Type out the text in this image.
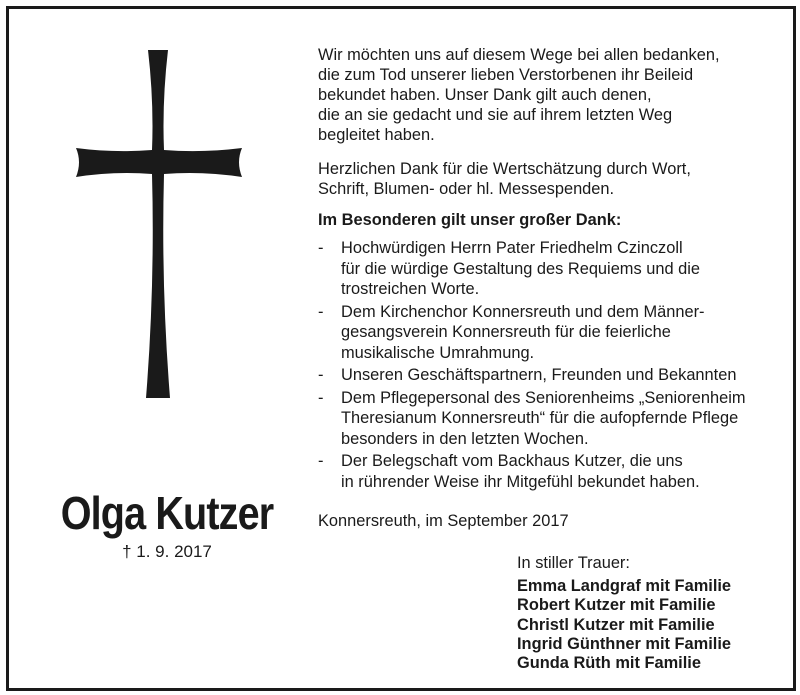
Olga Kutzer
† 1. 9. 2017
Wir möchten uns auf diesem Wege bei allen bedanken,
die zum Tod unserer lieben Verstorbenen ihr Beileid
bekundet haben. Unser Dank gilt auch denen,
die an sie gedacht und sie auf ihrem letzten Weg
begleitet haben.
Herzlichen Dank für die Wertschätzung durch Wort,
Schrift, Blumen- oder hl. Messespenden.
Im Besonderen gilt unser großer Dank:
- Hochwürdigen Herrn Pater Friedhelm Czinczoll
für die würdige Gestaltung des Requiems und die
trostreichen Worte.
- Dem Kirchenchor Konnersreuth und dem Männer-
gesangsverein Konnersreuth für die feierliche
musikalische Umrahmung.
- Unseren Geschäftspartnern, Freunden und Bekannten
- Dem Pflegepersonal des Seniorenheims „Seniorenheim
Theresianum Konnersreuth“ für die aufopfernde Pflege
besonders in den letzten Wochen.
- Der Belegschaft vom Backhaus Kutzer, die uns
in rührender Weise ihr Mitgefühl bekundet haben.
Konnersreuth, im September 2017
In stiller Trauer:
Emma Landgraf mit Familie
Robert Kutzer mit Familie
Christl Kutzer mit Familie
Ingrid Günthner mit Familie
Gunda Rüth mit Familie
